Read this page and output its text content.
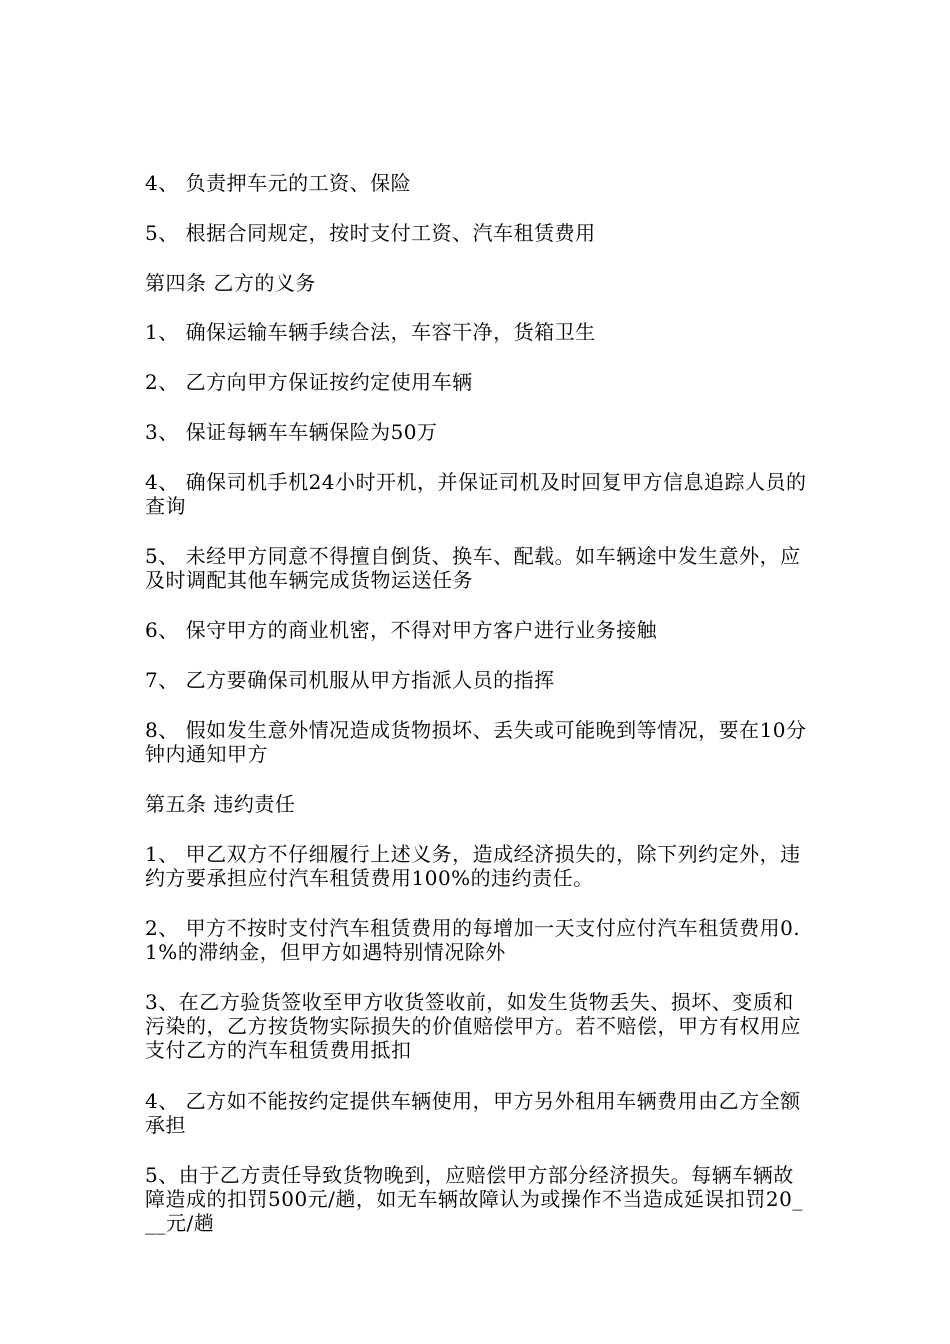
4、 负责押车元的工资、保险

5、 根据合同规定，按时支付工资、汽车租赁费用

第四条 乙方的义务

1、 确保运输车辆手续合法，车容干净，货箱卫生

2、 乙方向甲方保证按约定使用车辆

3、 保证每辆车车辆保险为50万

4、 确保司机手机24小时开机，并保证司机及时回复甲方信息追踪人员的查询

5、 未经甲方同意不得擅自倒货、换车、配载。如车辆途中发生意外，应及时调配其他车辆完成货物运送任务

6、 保守甲方的商业机密，不得对甲方客户进行业务接触

7、 乙方要确保司机服从甲方指派人员的指挥

8、 假如发生意外情况造成货物损坏、丢失或可能晚到等情况，要在10分钟内通知甲方

第五条 违约责任

1、 甲乙双方不仔细履行上述义务，造成经济损失的，除下列约定外，违约方要承担应付汽车租赁费用100%的违约责任。

2、 甲方不按时支付汽车租赁费用的每增加一天支付应付汽车租赁费用0.1%的滞纳金，但甲方如遇特别情况除外

3、在乙方验货签收至甲方收货签收前，如发生货物丢失、损坏、变质和污染的，乙方按货物实际损失的价值赔偿甲方。若不赔偿，甲方有权用应支付乙方的汽车租赁费用抵扣

4、 乙方如不能按约定提供车辆使用，甲方另外租用车辆费用由乙方全额承担

5、由于乙方责任导致货物晚到，应赔偿甲方部分经济损失。每辆车辆故障造成的扣罚500元/趟，如无车辆故障认为或操作不当造成延误扣罚20___元/趟
